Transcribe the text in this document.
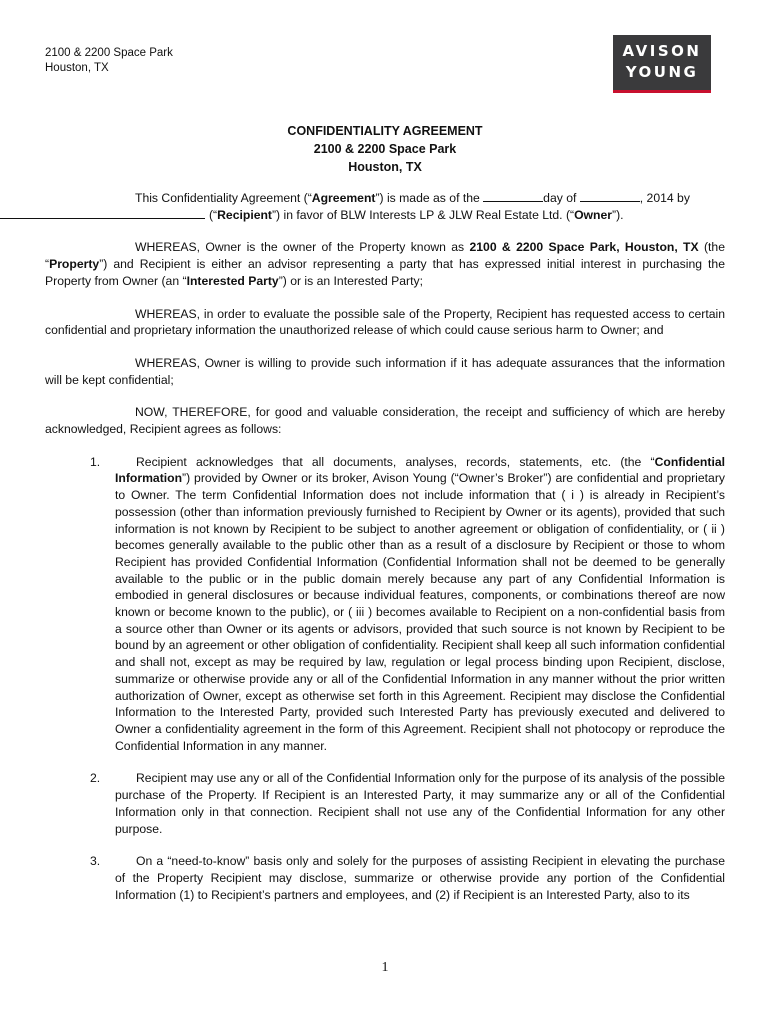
2100 & 2200 Space Park
Houston, TX
AVISON
YOUNG
CONFIDENTIALITY AGREEMENT
2100 & 2200 Space Park
Houston, TX

This Confidentiality Agreement (“Agreement”) is made as of the	day of	, 2014 by
(“Recipient”) in favor of BLW Interests LP & JLW Real Estate Ltd. (“Owner”).

WHEREAS, Owner is the owner of the Property known as 2100 & 2200 Space Park, Houston, TX (the “Property”) and Recipient is either an advisor representing a party that has expressed initial interest in purchasing the Property from Owner (an “Interested Party”) or is an Interested Party;

WHEREAS, in order to evaluate the possible sale of the Property, Recipient has requested access to certain confidential and proprietary information the unauthorized release of which could cause serious harm to Owner; and

WHEREAS, Owner is willing to provide such information if it has adequate assurances that the information will be kept confidential;

NOW, THEREFORE, for good and valuable consideration, the receipt and sufficiency of which are hereby acknowledged, Recipient agrees as follows:

1.	Recipient acknowledges that all documents, analyses, records, statements, etc. (the “Confidential Information”) provided by Owner or its broker, Avison Young (“Owner’s Broker”) are confidential and proprietary to Owner. The term Confidential Information does not include information that ( i ) is already in Recipient’s possession (other than information previously furnished to Recipient by Owner or its agents), provided that such information is not known by Recipient to be subject to another agreement or obligation of confidentiality, or ( ii ) becomes generally available to the public other than as a result of a disclosure by Recipient or those to whom Recipient has provided Confidential Information (Confidential Information shall not be deemed to be generally available to the public or in the public domain merely because any part of any Confidential Information is embodied in general disclosures or because individual features, components, or combinations thereof are now known or become known to the public), or ( iii ) becomes available to Recipient on a non-confidential basis from a source other than Owner or its agents or advisors, provided that such source is not known by Recipient to be bound by an agreement or other obligation of confidentiality. Recipient shall keep all such information confidential and shall not, except as may be required by law, regulation or legal process binding upon Recipient, disclose, summarize or otherwise provide any or all of the Confidential Information in any manner without the prior written authorization of Owner, except as otherwise set forth in this Agreement. Recipient may disclose the Confidential Information to the Interested Party, provided such Interested Party has previously executed and delivered to Owner a confidentiality agreement in the form of this Agreement. Recipient shall not photocopy or reproduce the Confidential Information in any manner.
2.	Recipient may use any or all of the Confidential Information only for the purpose of its analysis of the possible purchase of the Property. If Recipient is an Interested Party, it may summarize any or all of the Confidential Information only in that connection. Recipient shall not use any of the Confidential Information for any other purpose.
3.	On a “need-to-know” basis only and solely for the purposes of assisting Recipient in elevating the purchase of the Property Recipient may disclose, summarize or otherwise provide any portion of the Confidential Information (1) to Recipient’s partners and employees, and (2) if Recipient is an Interested Party, also to its
1
